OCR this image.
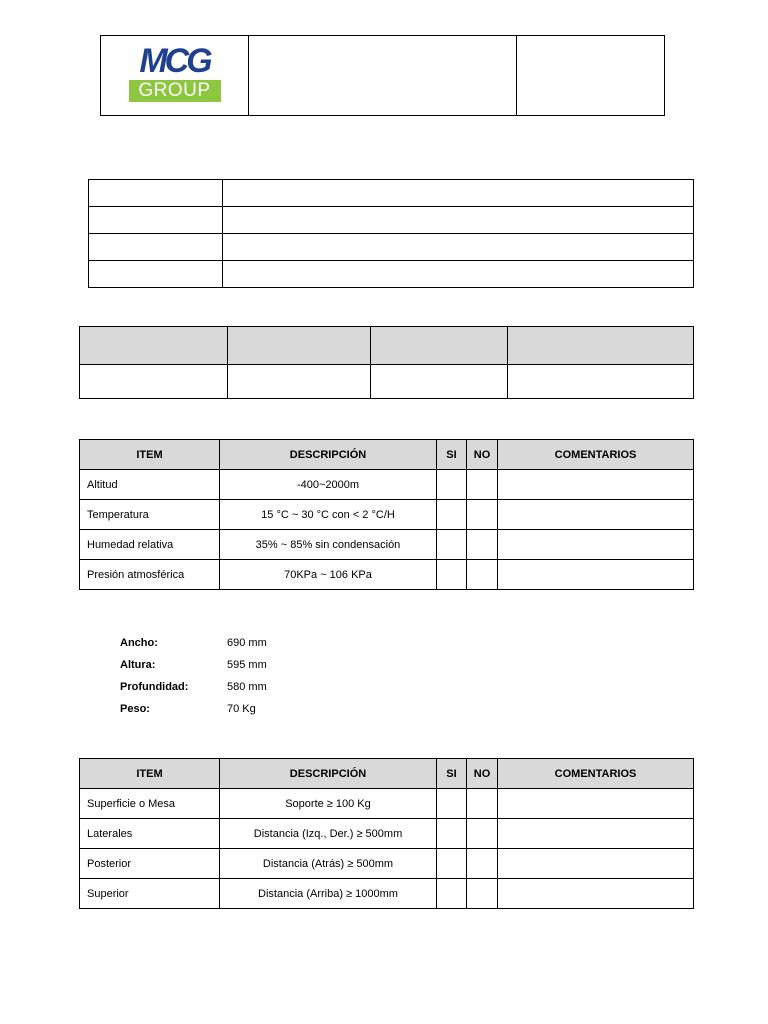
MCG
GROUP

ITEM	DESCRIPCIÓN	SI	NO	COMENTARIOS
Altitud	-400~2000m			
Temperatura	15 °C ~ 30 °C con < 2 °C/H			
Humedad relativa	35% ~ 85% sin condensación			
Presión atmosférica	70KPa ~ 106 KPa			
Ancho:	690 mm
Altura:	595 mm
Profundidad:	580 mm
Peso:	70 Kg
ITEM	DESCRIPCIÓN	SI	NO	COMENTARIOS
Superficie o Mesa	Soporte ≥ 100 Kg			
Laterales	Distancia (Izq., Der.) ≥ 500mm			
Posterior	Distancia (Atrás) ≥ 500mm			
Superior	Distancia (Arriba) ≥ 1000mm			
